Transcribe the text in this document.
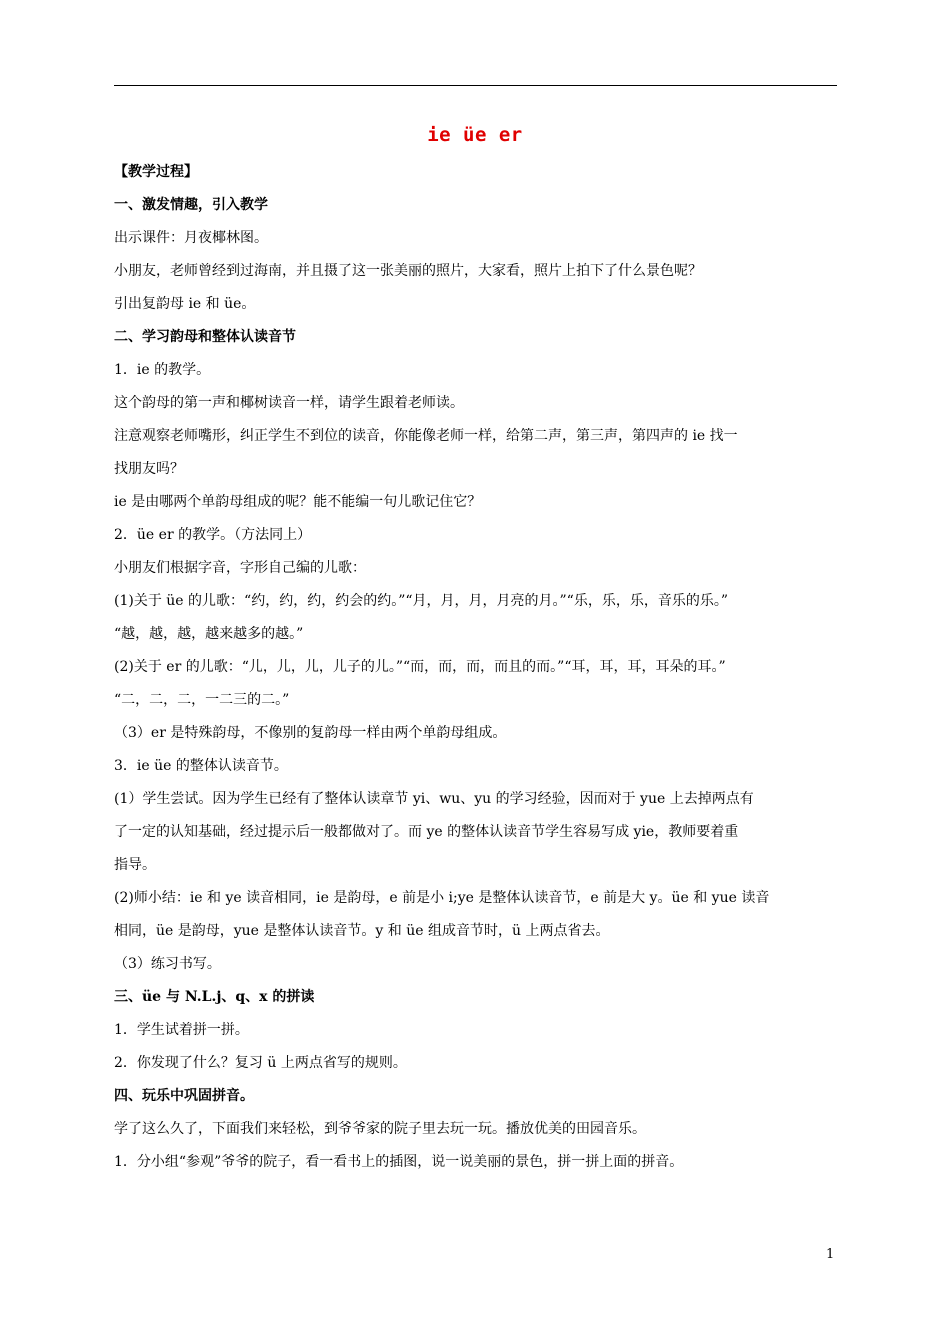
ie üe er
【教学过程】
一、激发情趣，引入教学
出示课件：月夜椰林图。
小朋友，老师曾经到过海南，并且摄了这一张美丽的照片，大家看，照片上拍下了什么景色呢？
引出复韵母 ie 和 üe。
二、学习韵母和整体认读音节
1．ie 的教学。
这个韵母的第一声和椰树读音一样，请学生跟着老师读。
注意观察老师嘴形，纠正学生不到位的读音，你能像老师一样，给第二声，第三声，第四声的 ie 找一
找朋友吗？
ie 是由哪两个单韵母组成的呢？能不能编一句儿歌记住它？
2．üe er 的教学。（方法同上）
小朋友们根据字音，字形自己编的儿歌：
(1)关于 üe 的儿歌：“约，约，约，约会的约。”“月，月，月，月亮的月。”“乐，乐，乐，音乐的乐。”
“越，越，越，越来越多的越。”
(2)关于 er 的儿歌：“儿，儿，儿，儿子的儿。”“而，而，而，而且的而。”“耳，耳，耳，耳朵的耳。”
“二，二，二，一二三的二。”
（3）er 是特殊韵母，不像别的复韵母一样由两个单韵母组成。
3．ie üe 的整体认读音节。
(1）学生尝试。因为学生已经有了整体认读章节 yi、wu、yu 的学习经验，因而对于 yue 上去掉两点有
了一定的认知基础，经过提示后一般都做对了。而 ye 的整体认读音节学生容易写成 yie，教师要着重
指导。
(2)师小结：ie 和 ye 读音相同，ie 是韵母，e 前是小 i;ye 是整体认读音节，e 前是大 y。üe 和 yue 读音
相同，üe 是韵母，yue 是整体认读音节。y 和 üe 组成音节时，ü 上两点省去。
（3）练习书写。
三、üe 与 N.L.j、q、x 的拼读
1．学生试着拼一拼。
2．你发现了什么？复习 ü 上两点省写的规则。
四、玩乐中巩固拼音。
学了这么久了，下面我们来轻松，到爷爷家的院子里去玩一玩。播放优美的田园音乐。
1．分小组“参观”爷爷的院子，看一看书上的插图，说一说美丽的景色，拼一拼上面的拼音。
1
